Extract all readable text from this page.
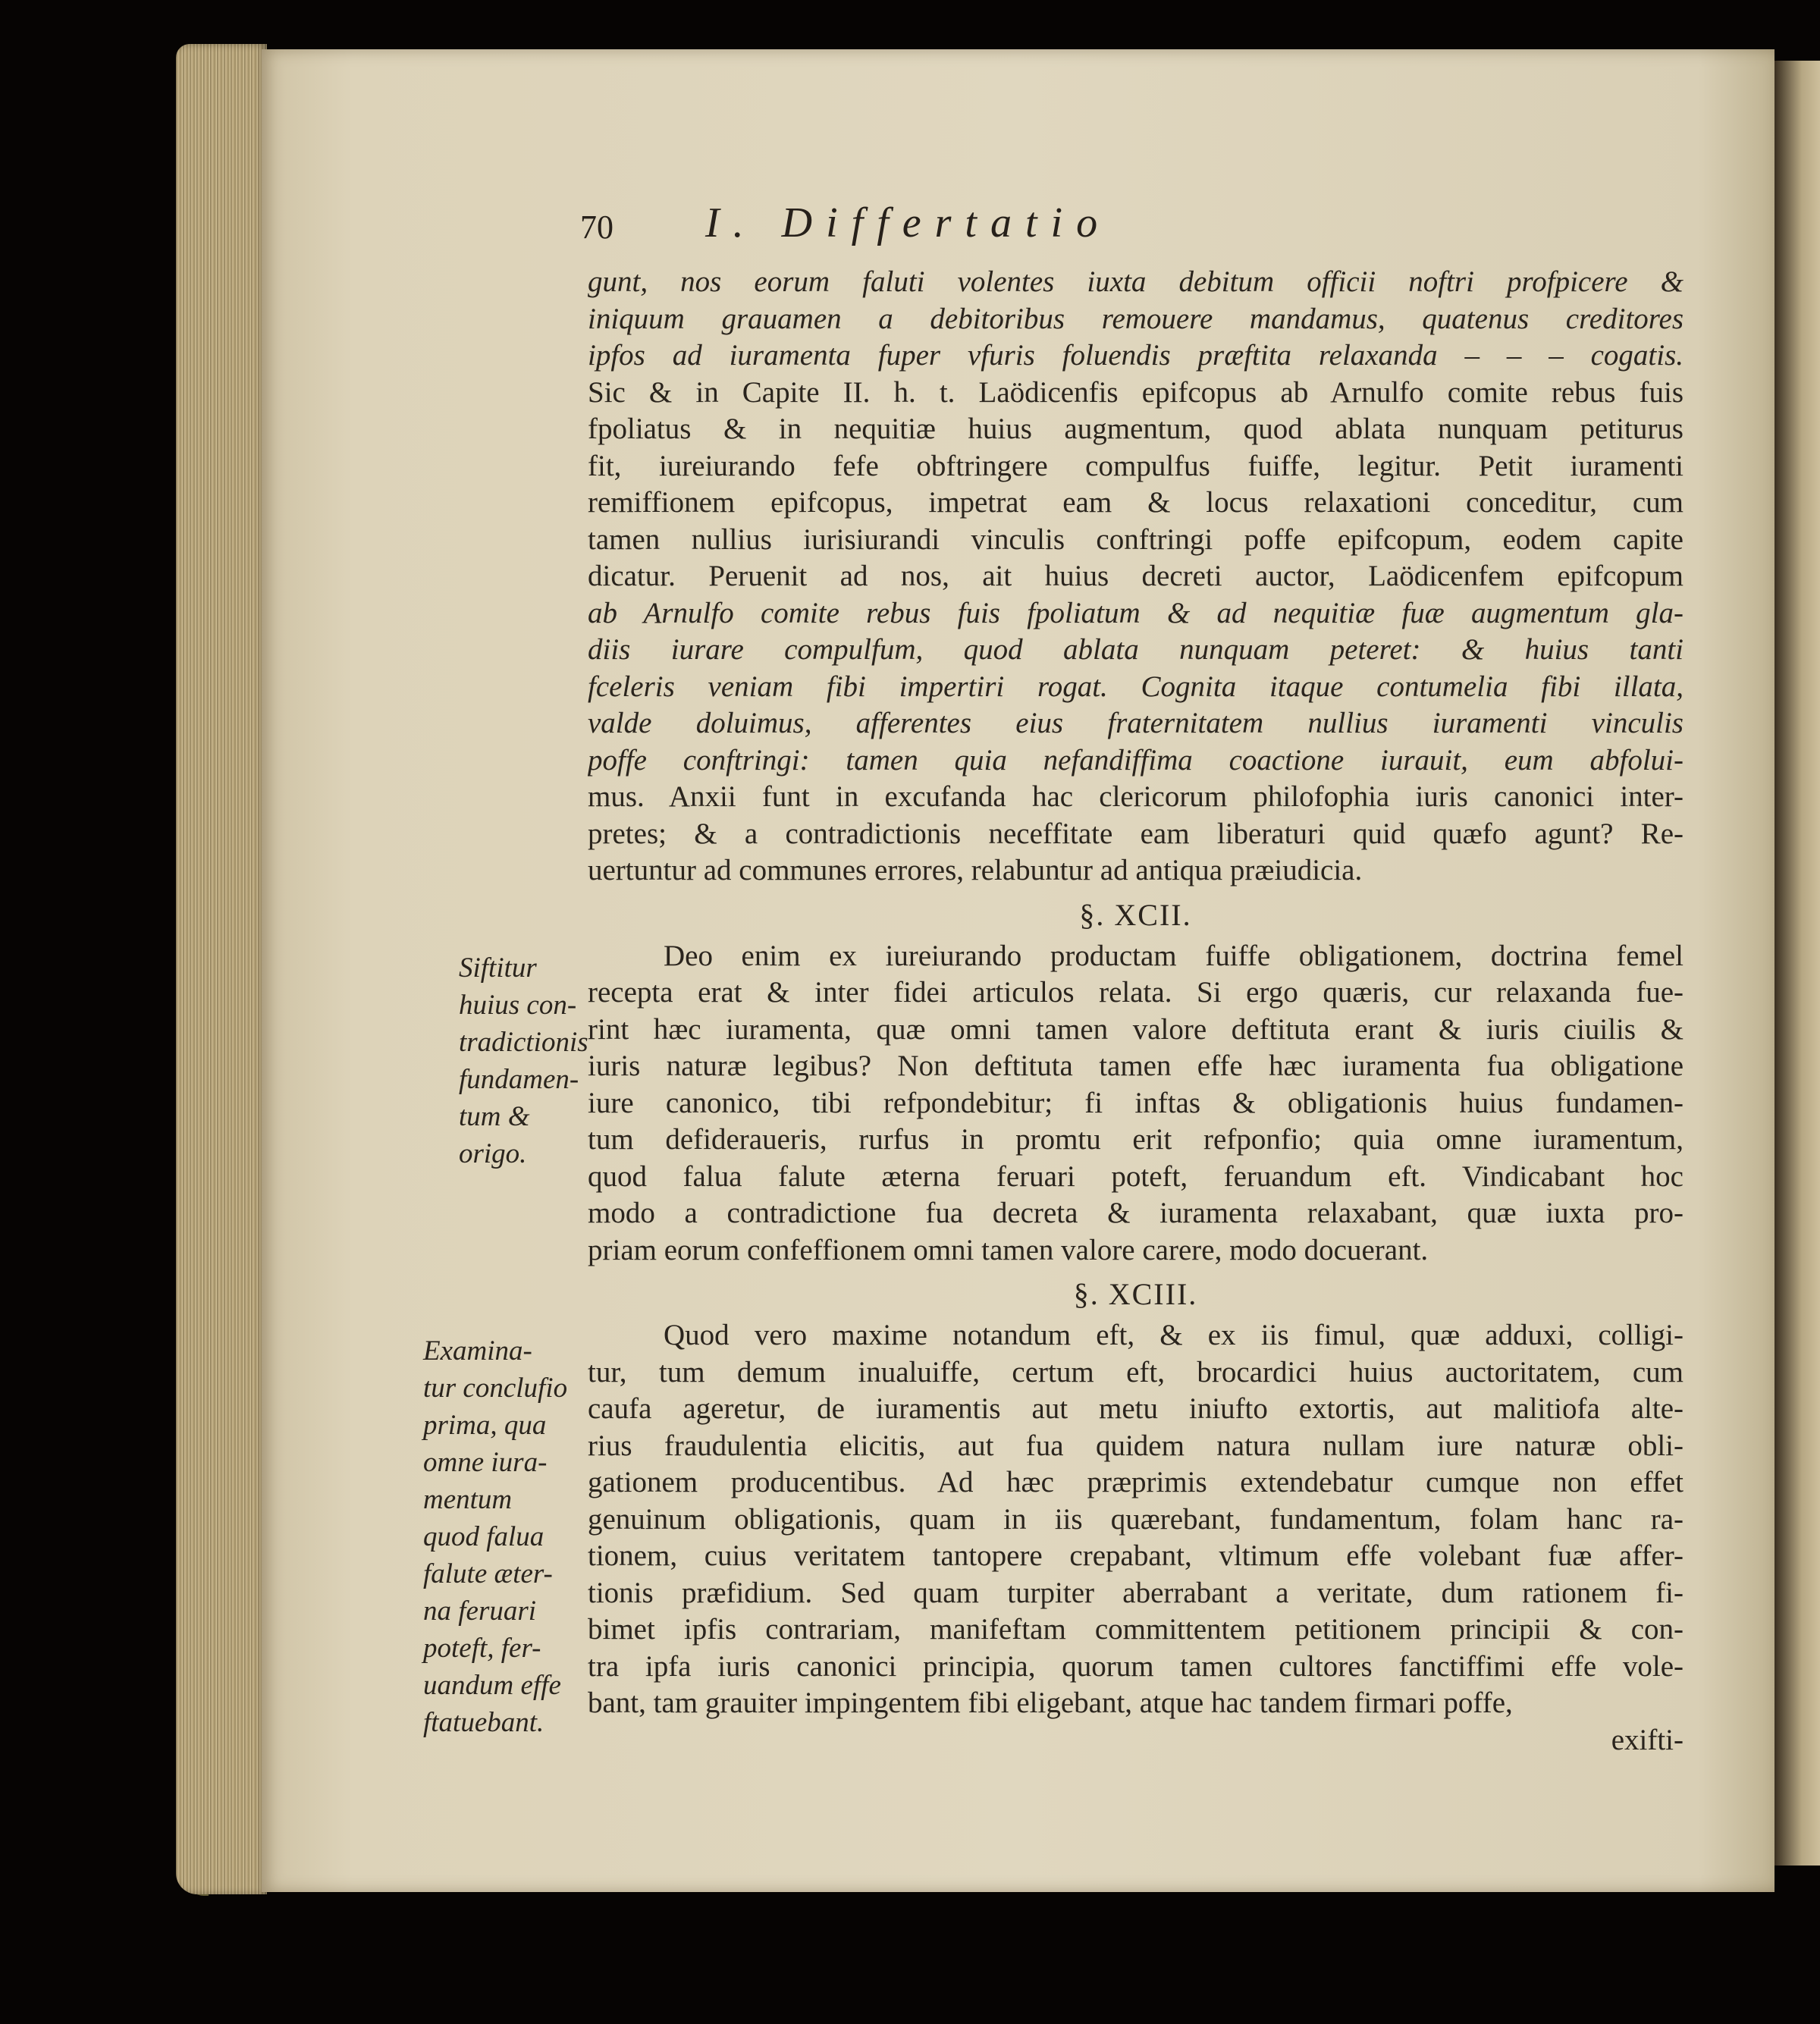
70 I. Differtatio
gunt, nos eorum faluti volentes iuxta debitum officii noftri profpicere &
iniquum grauamen a debitoribus remouere mandamus, quatenus creditores
ipfos ad iuramenta fuper vfuris foluendis præftita relaxanda – – – cogatis.
Sic & in Capite II. h. t. Laödicenfis epifcopus ab Arnulfo comite rebus fuis
fpoliatus & in nequitiæ huius augmentum, quod ablata nunquam petiturus
fit, iureiurando fefe obftringere compulfus fuiffe, legitur. Petit iuramenti
remiffionem epifcopus, impetrat eam & locus relaxationi conceditur, cum
tamen nullius iurisiurandi vinculis conftringi poffe epifcopum, eodem capite
dicatur. Peruenit ad nos, ait huius decreti auctor, Laödicenfem epifcopum
ab Arnulfo comite rebus fuis fpoliatum & ad nequitiæ fuæ augmentum gla-
diis iurare compulfum, quod ablata nunquam peteret: & huius tanti
fceleris veniam fibi impertiri rogat. Cognita itaque contumelia fibi illata,
valde doluimus, afferentes eius fraternitatem nullius iuramenti vinculis
poffe conftringi: tamen quia nefandiffima coactione iurauit, eum abfolui-
mus. Anxii funt in excufanda hac clericorum philofophia iuris canonici inter-
pretes; & a contradictionis neceffitate eam liberaturi quid quæfo agunt? Re-
uertuntur ad communes errores, relabuntur ad antiqua præiudicia.
§. XCII.
Deo enim ex iureiurando productam fuiffe obligationem, doctrina femel
recepta erat & inter fidei articulos relata. Si ergo quæris, cur relaxanda fue-
rint hæc iuramenta, quæ omni tamen valore deftituta erant & iuris ciuilis &
iuris naturæ legibus? Non deftituta tamen effe hæc iuramenta fua obligatione
iure canonico, tibi refpondebitur; fi inftas & obligationis huius fundamen-
tum defideraueris, rurfus in promtu erit refponfio; quia omne iuramentum,
quod falua falute æterna feruari poteft, feruandum eft. Vindicabant hoc
modo a contradictione fua decreta & iuramenta relaxabant, quæ iuxta pro-
priam eorum confeffionem omni tamen valore carere, modo docuerant.
§. XCIII.
Quod vero maxime notandum eft, & ex iis fimul, quæ adduxi, colligi-
tur, tum demum inualuiffe, certum eft, brocardici huius auctoritatem, cum
caufa ageretur, de iuramentis aut metu iniufto extortis, aut malitiofa alte-
rius fraudulentia elicitis, aut fua quidem natura nullam iure naturæ obli-
gationem producentibus. Ad hæc præprimis extendebatur cumque non effet
genuinum obligationis, quam in iis quærebant, fundamentum, folam hanc ra-
tionem, cuius veritatem tantopere crepabant, vltimum effe volebant fuæ affer-
tionis præfidium. Sed quam turpiter aberrabant a veritate, dum rationem fi-
bimet ipfis contrariam, manifeftam committentem petitionem principii & con-
tra ipfa iuris canonici principia, quorum tamen cultores fanctiffimi effe vole-
bant, tam grauiter impingentem fibi eligebant, atque hac tandem firmari poffe,
exifti-
Siftitur
huius con-
tradictionis
fundamen-
tum &
origo.
Examina-
tur conclufio
prima, qua
omne iura-
mentum
quod falua
falute æter-
na feruari
poteft, fer-
uandum effe
ftatuebant.
